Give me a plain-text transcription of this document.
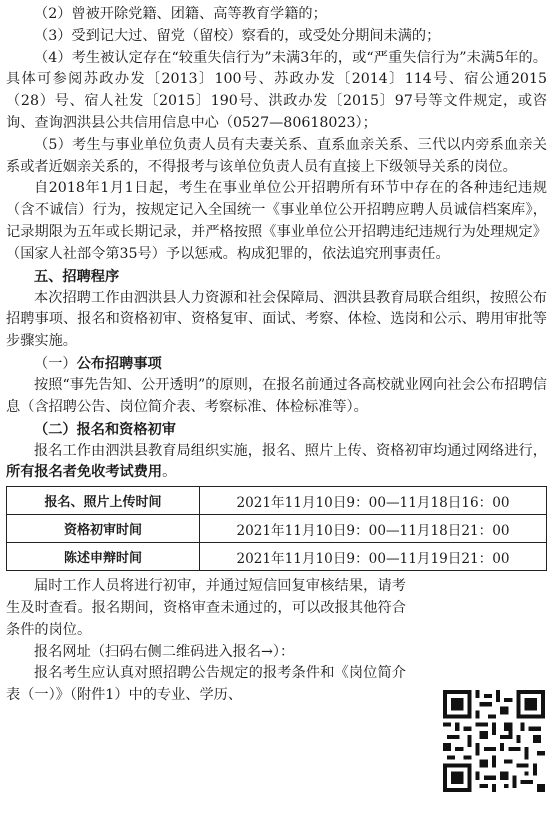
（2）曾被开除党籍、团籍、高等教育学籍的；

（3）受到记大过、留党（留校）察看的，或受处分期间未满的；

（4）考生被认定存在“较重失信行为”未满3年的，或“严重失信行为”未满5年的。具体可参阅苏政办发〔2013〕100号、苏政办发〔2014〕114号、宿公通2015（28）号、宿人社发〔2015〕190号、洪政办发〔2015〕97号等文件规定，或咨询、查询泗洪县公共信用信息中心（0527—80618023）；

（5）考生与事业单位负责人员有夫妻关系、直系血亲关系、三代以内旁系血亲关系或者近姻亲关系的，不得报考与该单位负责人员有直接上下级领导关系的岗位。

自2018年1月1日起，考生在事业单位公开招聘所有环节中存在的各种违纪违规（含不诚信）行为，按规定记入全国统一《事业单位公开招聘应聘人员诚信档案库》，记录期限为五年或长期记录，并严格按照《事业单位公开招聘违纪违规行为处理规定》（国家人社部令第35号）予以惩戒。构成犯罪的，依法追究刑事责任。

五、招聘程序

本次招聘工作由泗洪县人力资源和社会保障局、泗洪县教育局联合组织，按照公布招聘事项、报名和资格初审、资格复审、面试、考察、体检、选岗和公示、聘用审批等步骤实施。

（一）公布招聘事项

按照“事先告知、公开透明”的原则，在报名前通过各高校就业网向社会公布招聘信息（含招聘公告、岗位简介表、考察标准、体检标准等）。

（二）报名和资格初审

报名工作由泗洪县教育局组织实施，报名、照片上传、资格初审均通过网络进行，所有报名者免收考试费用。

报名、照片上传时间	2021年11月10日9：00—11月18日16：00
资格初审时间	2021年11月10日9：00—11月18日21：00
陈述申辩时间	2021年11月10日9：00—11月19日21：00

届时工作人员将进行初审，并通过短信回复审核结果，请考生及时查看。报名期间，资格审查未通过的，可以改报其他符合条件的岗位。

报名网址（扫码右侧二维码进入报名→）：

报名考生应认真对照招聘公告规定的报考条件和《岗位简介表（一）》（附件1）中的专业、学历、
